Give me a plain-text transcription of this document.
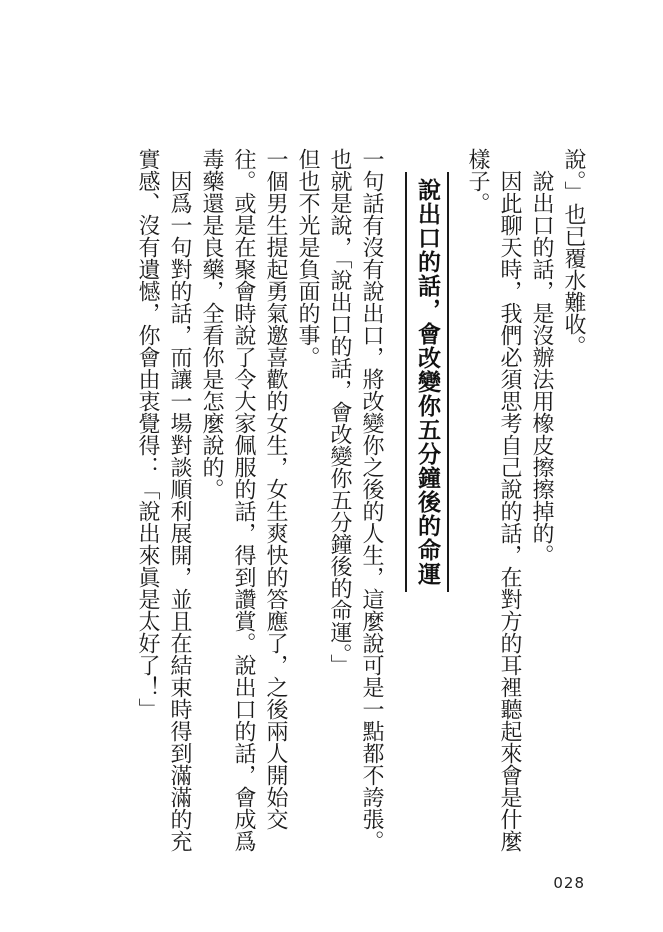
說。」也已覆水難收。

說出口的話，是沒辦法用橡皮擦擦掉的。

因此聊天時，我們必須思考自己說的話，在對方的耳裡聽起來會是什麼樣子。

說出口的話，會改變你五分鐘後的命運

一句話有沒有說出口，將改變你之後的人生，這麼說可是一點都不誇張。

也就是說，「說出口的話，會改變你五分鐘後的命運。」

但也不光是負面的事。

一個男生提起勇氣邀喜歡的女生，女生爽快的答應了，之後兩人開始交往。或是在聚會時說了令大家佩服的話，得到讚賞。說出口的話，會成爲毒藥還是良藥，全看你是怎麼說的。

因爲一句對的話，而讓一場對談順利展開，並且在結束時得到滿滿的充實感、沒有遺憾，你會由衷覺得：「說出來眞是太好了！」

028
